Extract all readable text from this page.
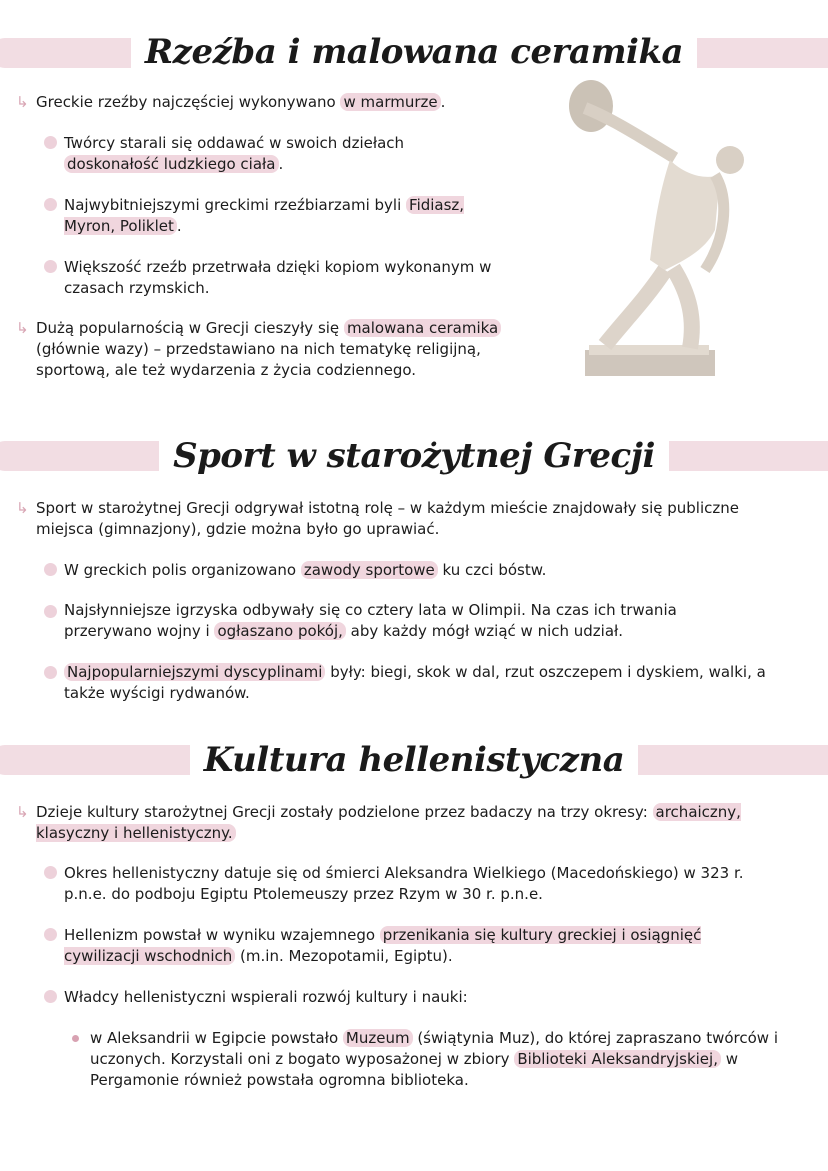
Rzeźba i malowana ceramika
↳ Greckie rzeźby najczęściej wykonywano w marmurze .
Twórcy starali się oddawać w swoich dziełach doskonałość ludzkiego ciała .
Najwybitniejszymi greckimi rzeźbiarzami byli Fidiasz, Myron, Poliklet .
Większość rzeźb przetrwała dzięki kopiom wykonanym w czasach rzymskich.
↳ Dużą popularnością w Grecji cieszyły się malowana ceramika (głównie wazy) – przedstawiano na nich tematykę religijną, sportową, ale też wydarzenia z życia codziennego.
Sport w starożytnej Grecji
↳ Sport w starożytnej Grecji odgrywał istotną rolę – w każdym mieście znajdowały się publiczne miejsca (gimnazjony), gdzie można było go uprawiać.
W greckich polis organizowano zawody sportowe ku czci bóstw.
Najsłynniejsze igrzyska odbywały się co cztery lata w Olimpii. Na czas ich trwania przerywano wojny i ogłaszano pokój, aby każdy mógł wziąć w nich udział.
Najpopularniejszymi dyscyplinami były: biegi, skok w dal, rzut oszczepem i dyskiem, walki, a także wyścigi rydwanów.
Kultura hellenistyczna
↳ Dzieje kultury starożytnej Grecji zostały podzielone przez badaczy na trzy okresy: archaiczny, klasyczny i hellenistyczny.
Okres hellenistyczny datuje się od śmierci Aleksandra Wielkiego (Macedońskiego) w 323 r. p.n.e. do podboju Egiptu Ptolemeuszy przez Rzym w 30 r. p.n.e.
Hellenizm powstał w wyniku wzajemnego przenikania się kultury greckiej i osiągnięć cywilizacji wschodnich (m.in. Mezopotamii, Egiptu).
Władcy hellenistyczni wspierali rozwój kultury i nauki:
w Aleksandrii w Egipcie powstało Muzeum (świątynia Muz), do której zapraszano twórców i uczonych. Korzystali oni z bogato wyposażonej w zbiory Biblioteki Aleksandryjskiej, w Pergamonie również powstała ogromna biblioteka.
